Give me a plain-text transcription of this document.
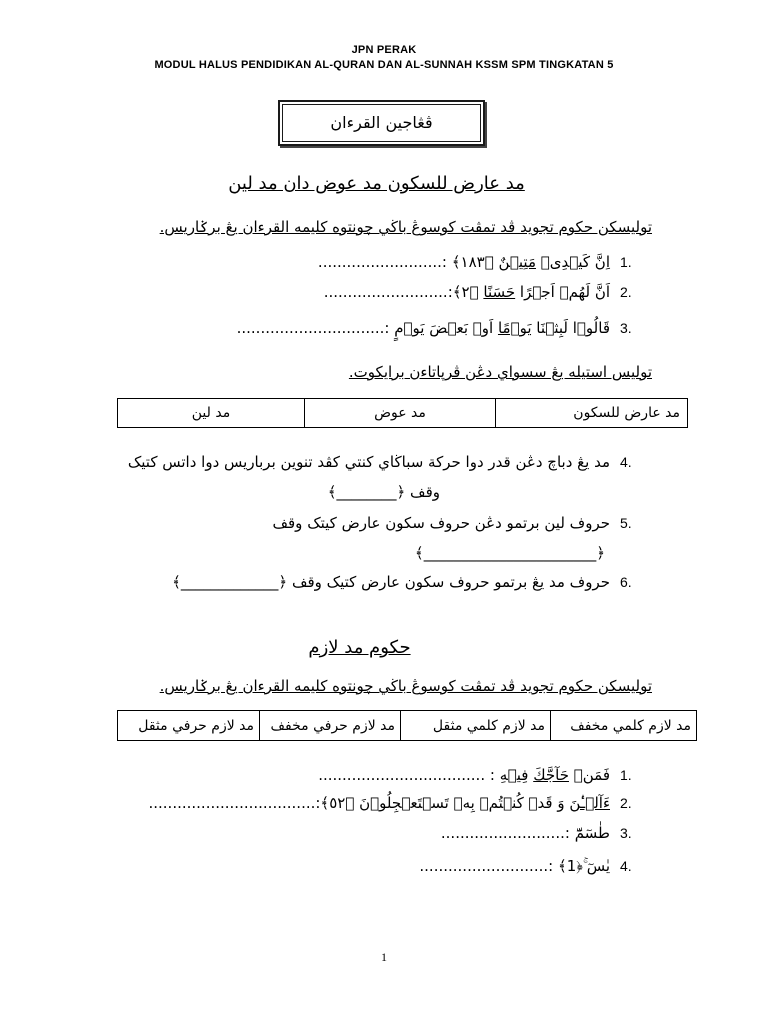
JPN PERAK
MODUL HALUS PENDIDIKAN AL-QURAN DAN AL-SUNNAH KSSM SPM TINGKATAN 5
ڤڠاجين القرءان
مد عارض للسكون مد عوض دان مد لين
توليسکن حکوم تجويد ڤد تمڤت کوسوڠ باڬي چونتوه کليمه القرءان يڠ برݢاريس.
1.
اِنَّ كَيۡدِىۡ مَتِيۡنٌ ﴿١٨٣﴾ :..........................
2.
اَنَّ لَهُمۡ اَجۡرًا حَسَنًا ﴿٢﴾:..........................
3.
قَالُوۡا لَبِثۡنَا يَوۡمًا اَوۡ بَعۡضَ يَوۡمٍ :...............................
توليس استيله يڠ سسواي دڠن ڤرڽاتاءن برايکوت.
مد عارض للسكون	مد عوض	مد لين
4.
مد يڠ دباچ دڠن قدر دوا حركة سباڬاي كنتي كڤد تنوين برباريس دوا داتس كتيک
وقف ﴿________﴾
5.
حروف لين برتمو دڠن حروف سكون عارض كيتک وقف
﴿_______________________﴾
6.
حروف مد يڠ برتمو حروف سكون عارض كتيک وقف ﴿_____________﴾
حکوم مد لازم
توليسکن حکوم تجويد ڤد تمڤت کوسوڠ باڬي چونتوه کليمه القرءان يڠ برݢاريس.
مد لازم كلمي مخفف	مد لازم كلمي مثقل	مد لازم حرفي مخفف	مد لازم حرفي مثقل
1.
فَمَنۡ حَآجَّكَ فِيۡهِ : ...................................
2.
ءَآلۡـٰٔنَ وَ قَدۡ كُنۡتُمۡ بِهٖ تَسۡتَعۡجِلُوۡنَ ﴿٥٢﴾:...................................
3.
طٰسٓمّٓ :..........................
4.
يٰسٓ ۚ﴿1﴾ :...........................
1
